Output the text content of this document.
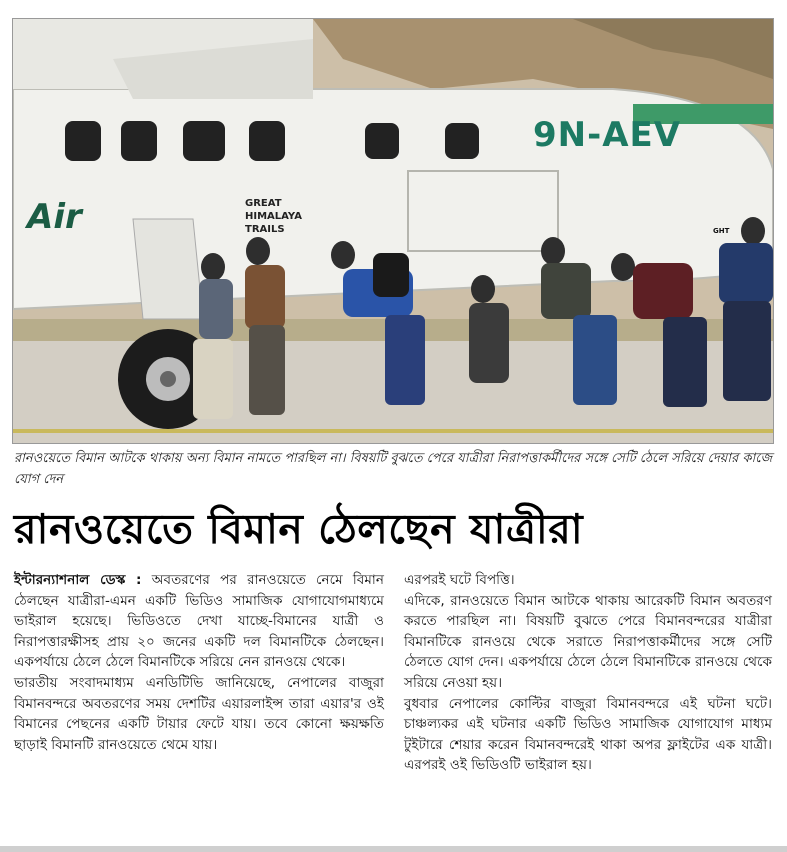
9N-AEV
Air	GREAT
HIMALAYA
TRAILS	GHT
রানওয়েতে বিমান আটকে থাকায় অন্য বিমান নামতে পারছিল না। বিষয়টি বুঝতে পেরে যাত্রীরা নিরাপত্তাকর্মীদের সঙ্গে সেটি ঠেলে সরিয়ে দেয়ার কাজে যোগ দেন
রানওয়েতে বিমান ঠেলছেন যাত্রীরা

ইন্টারন্যাশনাল ডেস্ক : অবতরণের পর রানওয়েতে নেমে বিমান ঠেলছেন যাত্রীরা-এমন একটি ভিডিও সামাজিক যোগাযোগমাধ্যমে ভাইরাল হয়েছে। ভিডিওতে দেখা যাচ্ছে-বিমানের যাত্রী ও নিরাপত্তারক্ষীসহ প্রায় ২০ জনের একটি দল বিমানটিকে ঠেলছেন। একপর্যায়ে ঠেলে ঠেলে বিমানটিকে সরিয়ে নেন রানওয়ে থেকে।

ভারতীয় সংবাদমাধ্যম এনডিটিভি জানিয়েছে, নেপালের বাজুরা বিমানবন্দরে অবতরণের সময় দেশটির এয়ারলাইন্স তারা এয়ার'র ওই বিমানের পেছনের একটি টায়ার ফেটে যায়। তবে কোনো ক্ষয়ক্ষতি ছাড়াই বিমানটি রানওয়েতে থেমে যায়।

এরপরই ঘটে বিপত্তি।

এদিকে, রানওয়েতে বিমান আটকে থাকায় আরেকটি বিমান অবতরণ করতে পারছিল না। বিষয়টি বুঝতে পেরে বিমানবন্দরের যাত্রীরা বিমানটিকে রানওয়ে থেকে সরাতে নিরাপত্তাকর্মীদের সঙ্গে সেটি ঠেলতে যোগ দেন। একপর্যায়ে ঠেলে ঠেলে বিমানটিকে রানওয়ে থেকে সরিয়ে নেওয়া হয়।

বুধবার নেপালের কোল্টির বাজুরা বিমানবন্দরে এই ঘটনা ঘটে। চাঞ্চল্যকর এই ঘটনার একটি ভিডিও সামাজিক যোগাযোগ মাধ্যম টুইটারে শেয়ার করেন বিমানবন্দরেই থাকা অপর ফ্লাইটের এক যাত্রী। এরপরই ওই ভিডিওটি ভাইরাল হয়।
